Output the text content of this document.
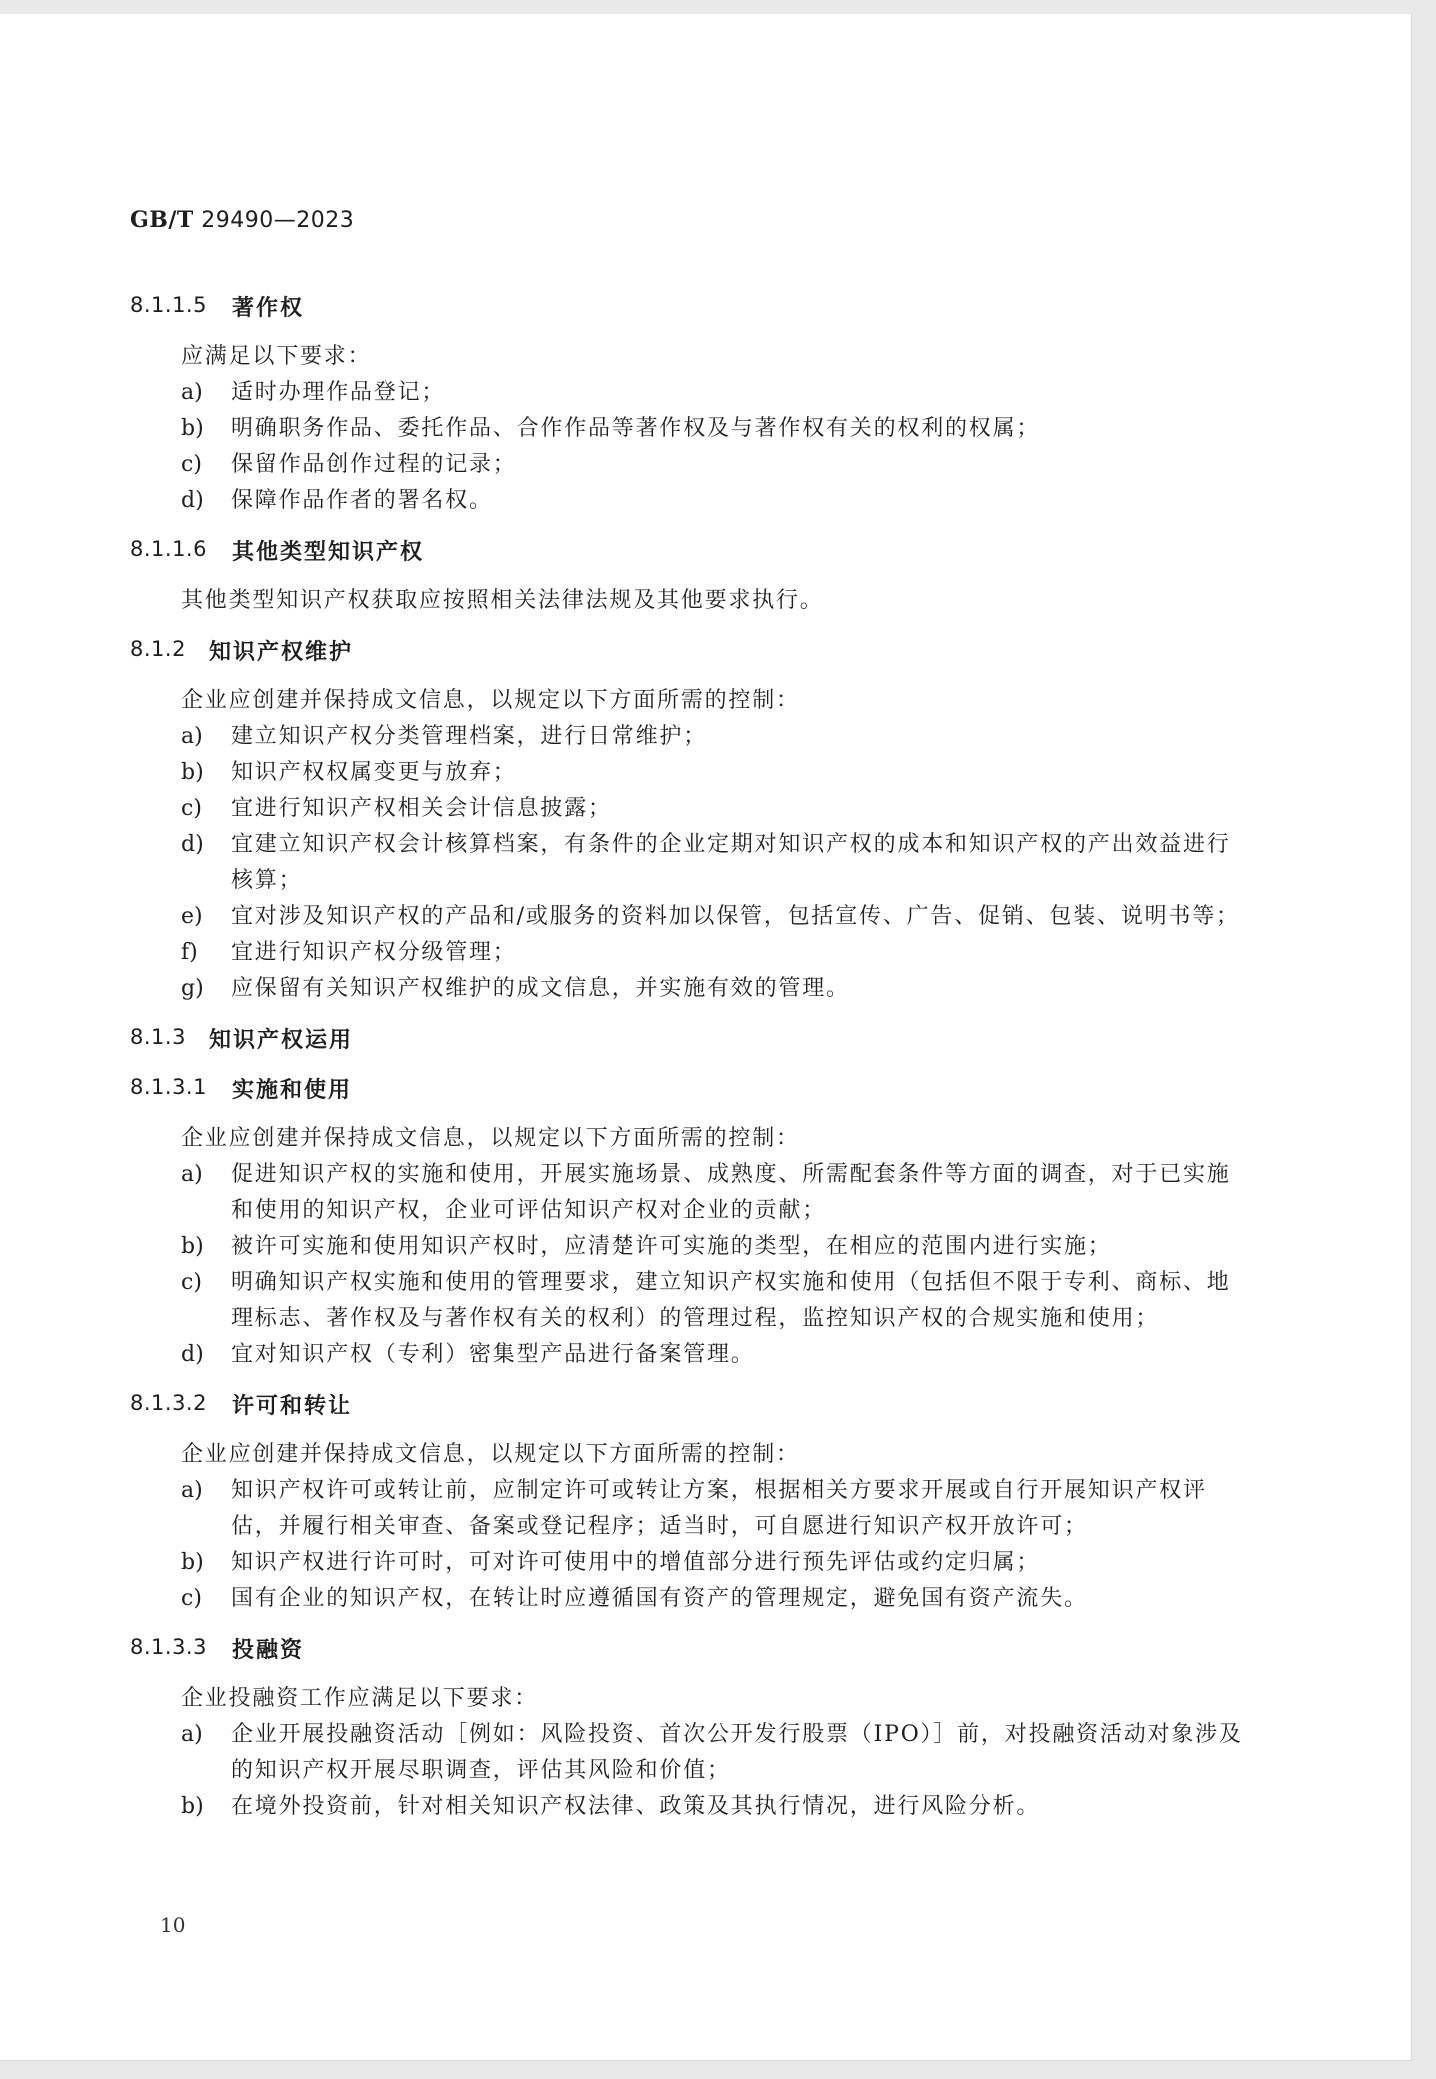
GB/T 29490—2023
8.1.1.5 著作权
应满足以下要求：
a) 适时办理作品登记；
b) 明确职务作品、委托作品、合作作品等著作权及与著作权有关的权利的权属；
c) 保留作品创作过程的记录；
d) 保障作品作者的署名权。
8.1.1.6 其他类型知识产权
其他类型知识产权获取应按照相关法律法规及其他要求执行。
8.1.2 知识产权维护
企业应创建并保持成文信息，以规定以下方面所需的控制：
a) 建立知识产权分类管理档案，进行日常维护；
b) 知识产权权属变更与放弃；
c) 宜进行知识产权相关会计信息披露；
d) 宜建立知识产权会计核算档案，有条件的企业定期对知识产权的成本和知识产权的产出效益进行核算；
e) 宜对涉及知识产权的产品和/或服务的资料加以保管，包括宣传、广告、促销、包装、说明书等；
f) 宜进行知识产权分级管理；
g) 应保留有关知识产权维护的成文信息，并实施有效的管理。
8.1.3 知识产权运用
8.1.3.1 实施和使用
企业应创建并保持成文信息，以规定以下方面所需的控制：
a) 促进知识产权的实施和使用，开展实施场景、成熟度、所需配套条件等方面的调查，对于已实施和使用的知识产权，企业可评估知识产权对企业的贡献；
b) 被许可实施和使用知识产权时，应清楚许可实施的类型，在相应的范围内进行实施；
c) 明确知识产权实施和使用的管理要求，建立知识产权实施和使用（包括但不限于专利、商标、地理标志、著作权及与著作权有关的权利）的管理过程，监控知识产权的合规实施和使用；
d) 宜对知识产权（专利）密集型产品进行备案管理。
8.1.3.2 许可和转让
企业应创建并保持成文信息，以规定以下方面所需的控制：
a) 知识产权许可或转让前，应制定许可或转让方案，根据相关方要求开展或自行开展知识产权评估，并履行相关审查、备案或登记程序；适当时，可自愿进行知识产权开放许可；
b) 知识产权进行许可时，可对许可使用中的增值部分进行预先评估或约定归属；
c) 国有企业的知识产权，在转让时应遵循国有资产的管理规定，避免国有资产流失。
8.1.3.3 投融资
企业投融资工作应满足以下要求：
a) 企业开展投融资活动［例如：风险投资、首次公开发行股票（IPO）］前，对投融资活动对象涉及的知识产权开展尽职调查，评估其风险和价值；
b) 在境外投资前，针对相关知识产权法律、政策及其执行情况，进行风险分析。
10
